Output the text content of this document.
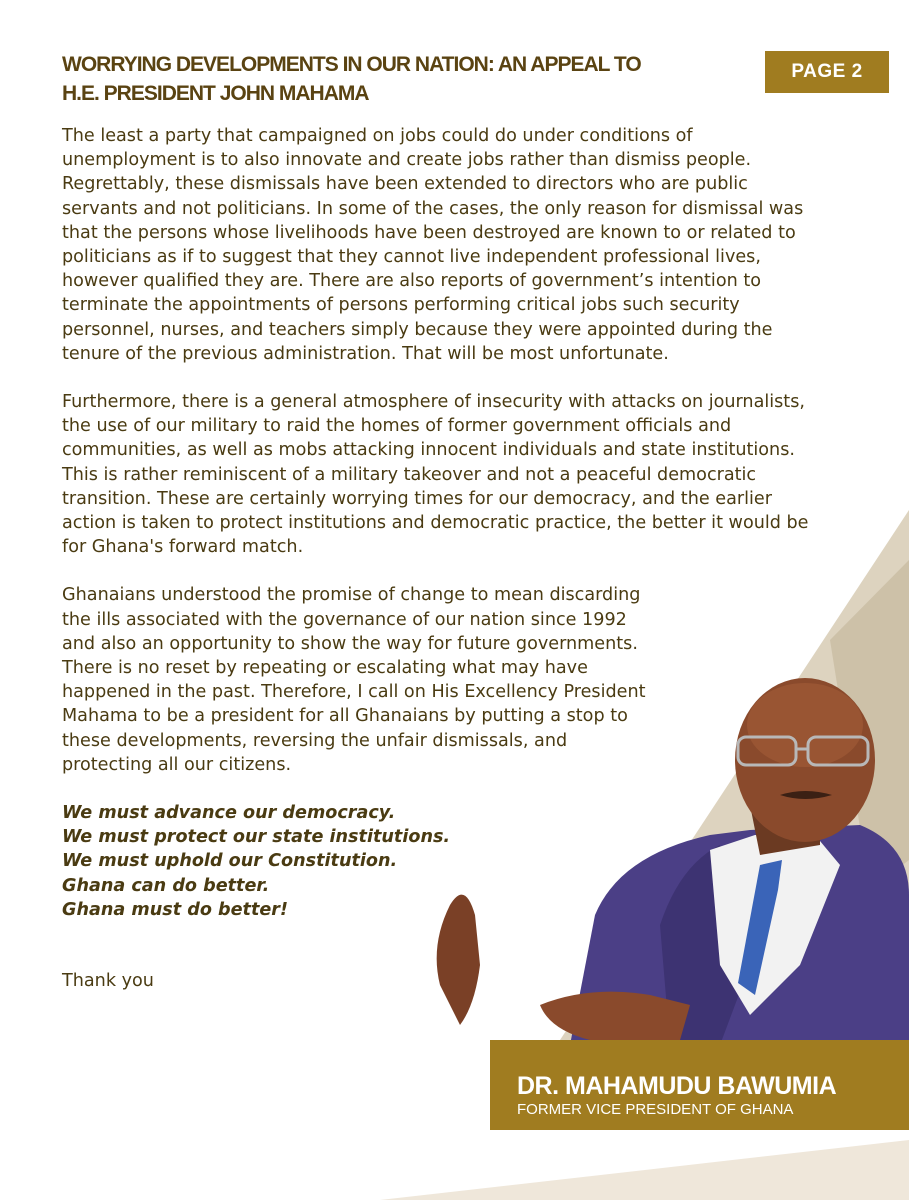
WORRYING DEVELOPMENTS IN OUR NATION: AN APPEAL TO
H.E. PRESIDENT JOHN MAHAMA
PAGE 2

The least a party that campaigned on jobs could do under conditions of unemployment is to also innovate and create jobs rather than dismiss people. Regrettably, these dismissals have been extended to directors who are public servants and not politicians. In some of the cases, the only reason for dismissal was that the persons whose livelihoods have been destroyed are known to or related to politicians as if to suggest that they cannot live independent professional lives, however qualified they are. There are also reports of government’s intention to terminate the appointments of persons performing critical jobs such security personnel, nurses, and teachers simply because they were appointed during the tenure of the previous administration. That will be most unfortunate.

Furthermore, there is a general atmosphere of insecurity with attacks on journalists, the use of our military to raid the homes of former government officials and communities, as well as mobs attacking innocent individuals and state institutions. This is rather reminiscent of a military takeover and not a peaceful democratic transition. These are certainly worrying times for our democracy, and the earlier action is taken to protect institutions and democratic practice, the better it would be for Ghana's forward match.

Ghanaians understood the promise of change to mean discarding the ills associated with the governance of our nation since 1992 and also an opportunity to show the way for future governments. There is no reset by repeating or escalating what may have happened in the past. Therefore, I call on His Excellency President Mahama to be a president for all Ghanaians by putting a stop to these developments, reversing the unfair dismissals, and protecting all our citizens.

We must advance our democracy.
We must protect our state institutions.
We must uphold our Constitution.
Ghana can do better.
Ghana must do better!

Thank you

DR. MAHAMUDU BAWUMIA

FORMER VICE PRESIDENT OF GHANA
